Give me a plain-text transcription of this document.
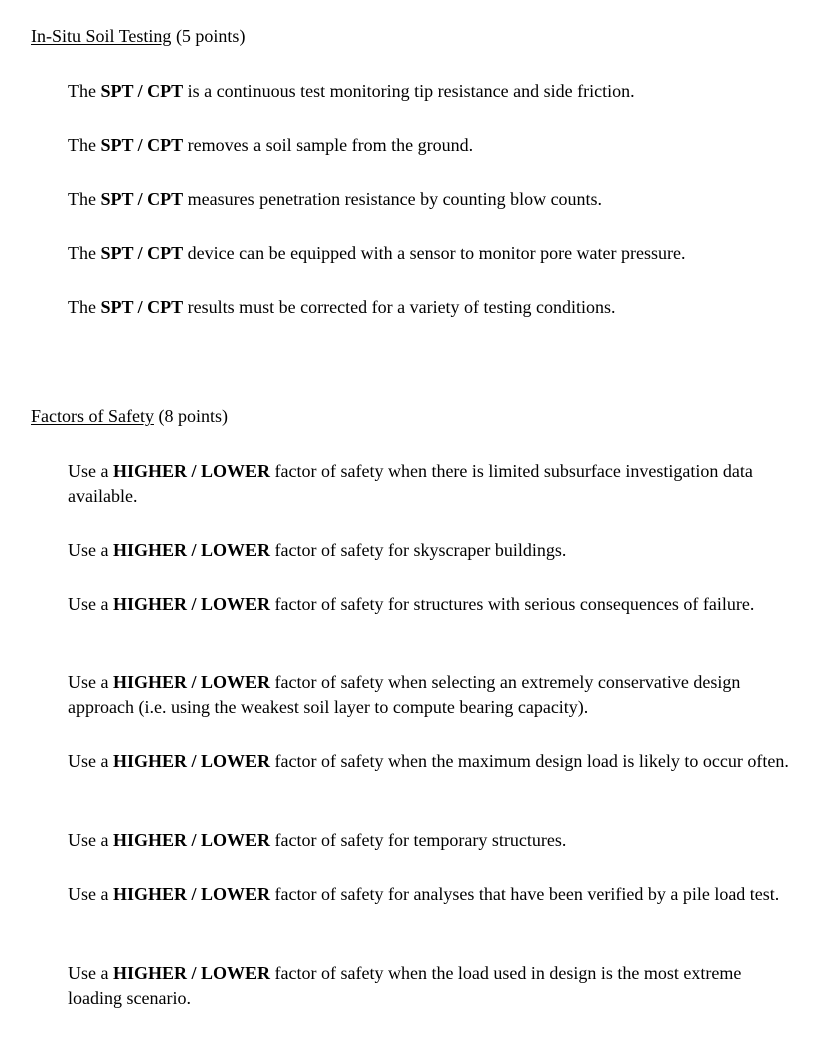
In-Situ Soil Testing (5 points)
The SPT / CPT is a continuous test monitoring tip resistance and side friction.
The SPT / CPT removes a soil sample from the ground.
The SPT / CPT measures penetration resistance by counting blow counts.
The SPT / CPT device can be equipped with a sensor to monitor pore water pressure.
The SPT / CPT results must be corrected for a variety of testing conditions.
Factors of Safety (8 points)
Use a HIGHER / LOWER factor of safety when there is limited subsurface investigation data available.
Use a HIGHER / LOWER factor of safety for skyscraper buildings.
Use a HIGHER / LOWER factor of safety for structures with serious consequences of failure.
Use a HIGHER / LOWER factor of safety when selecting an extremely conservative design approach (i.e. using the weakest soil layer to compute bearing capacity).
Use a HIGHER / LOWER factor of safety when the maximum design load is likely to occur often.
Use a HIGHER / LOWER factor of safety for temporary structures.
Use a HIGHER / LOWER factor of safety for analyses that have been verified by a pile load test.
Use a HIGHER / LOWER factor of safety when the load used in design is the most extreme loading scenario.
